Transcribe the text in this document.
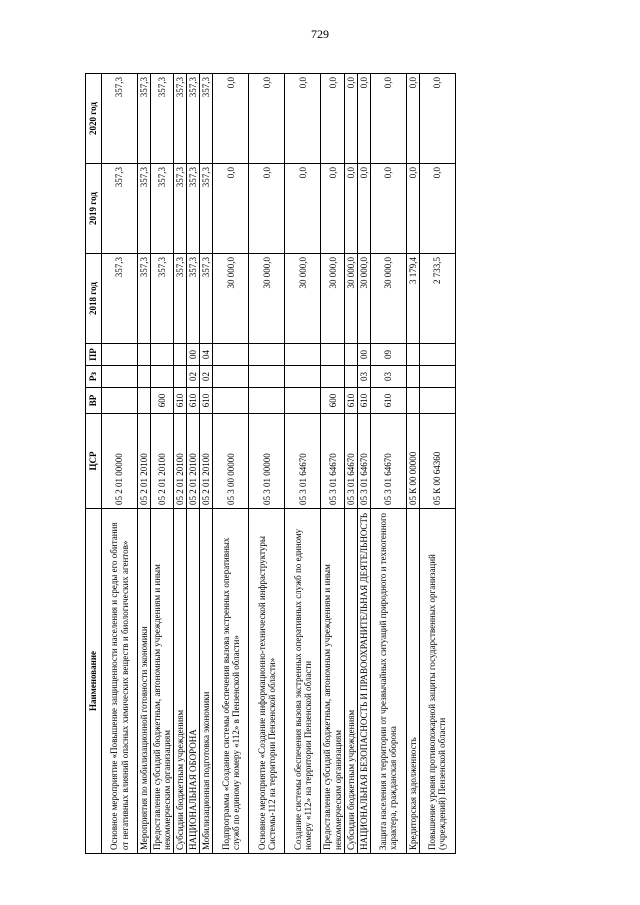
729
Наименование	ЦСР	ВР	Рз	ПР	2018 год	2019 год	2020 год
Основное мероприятие «Повышение защищенности населения и среды его обитания от негативных влияний опасных химических веществ и биологических агентов»	05 2 01 00000				357,3	357,3	357,3
Мероприятия по мобилизационной готовности экономики	05 2 01 20100				357,3	357,3	357,3
Предоставление субсидий бюджетным, автономным учреждениям и иным некоммерческим организациям	05 2 01 20100	600			357,3	357,3	357,3
Субсидии бюджетным учреждениям	05 2 01 20100	610			357,3	357,3	357,3
НАЦИОНАЛЬНАЯ ОБОРОНА	05 2 01 20100	610	02	00	357,3	357,3	357,3
Мобилизационная подготовка экономики	05 2 01 20100	610	02	04	357,3	357,3	357,3
Подпрограмма «Создание системы обеспечения вызова экстренных оперативных служб по единому номеру «112» в Пензенской области»	05 3 00 00000				30 000,0	0,0	0,0
Основное мероприятие «Создание информационно-технической инфраструктуры Системы-112 на территории Пензенской области»	05 3 01 00000				30 000,0	0,0	0,0
Создание системы обеспечения вызова экстренных оперативных служб по единому номеру «112» на территории Пензенской области	05 3 01 64670				30 000,0	0,0	0,0
Предоставление субсидий бюджетным, автономным учреждениям и иным некоммерческим организациям	05 3 01 64670	600			30 000,0	0,0	0,0
Субсидии бюджетным учреждениям	05 3 01 64670	610			30 000,0	0,0	0,0
НАЦИОНАЛЬНАЯ БЕЗОПАСНОСТЬ И ПРАВООХРАНИТЕЛЬНАЯ ДЕЯТЕЛЬНОСТЬ	05 3 01 64670	610	03	00	30 000,0	0,0	0,0
Защита населения и территории от чрезвычайных ситуаций природного и техногенного характера, гражданская оборона	05 3 01 64670	610	03	09	30 000,0	0,0	0,0
Кредиторская задолженность	05 К 00 00000				3 179,4	0,0	0,0
Повышение уровня противопожарной защиты государственных организаций (учреждений) Пензенской области	05 К 00 64360				2 733,5	0,0	0,0
